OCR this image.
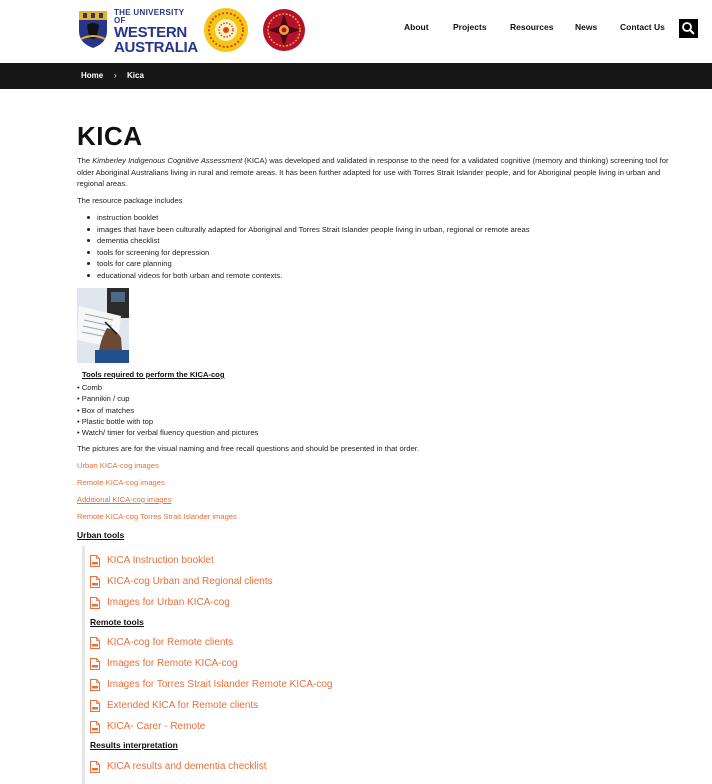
THE UNIVERSITY OF
WESTERN
AUSTRALIA
About	Projects	Resources	News	Contact Us
Home › Kica
KICA

The Kimberley Indigenous Cognitive Assessment (KICA) was developed and validated in response to the need for a validated cognitive (memory and thinking) screening tool for older Aboriginal Australians living in rural and remote areas. It has been further adapted for use with Torres Strait Islander people, and for Aboriginal people living in urban and regional areas.

The resource package includes

instruction booklet
images that have been culturally adapted for Aboriginal and Torres Strait Islander people living in urban, regional or remote areas
dementia checklist
tools for screening for depression
tools for care planning
educational videos for both urban and remote contexts.

Tools required to perform the KICA-cog

• Comb
• Pannikin / cup
• Box of matches
• Plastic bottle with top
• Watch/ timer for verbal fluency question and pictures

The pictures are for the visual naming and free recall questions and should be presented in that order.

Urban KICA-cog images
Remote KICA-cog images
Additional KICA-cog images
Remote KICA-cog Torres Strait Islander images

Urban tools

KICA Instruction booklet
KICA-cog Urban and Regional clients
Images for Urban KICA-cog

Remote tools

KICA-cog for Remote clients
Images for Remote KICA-cog
Images for Torres Strait Islander Remote KICA-cog
Extended KICA for Remote clients
KICA- Carer - Remote

Results interpretation

KICA results and dementia checklist
